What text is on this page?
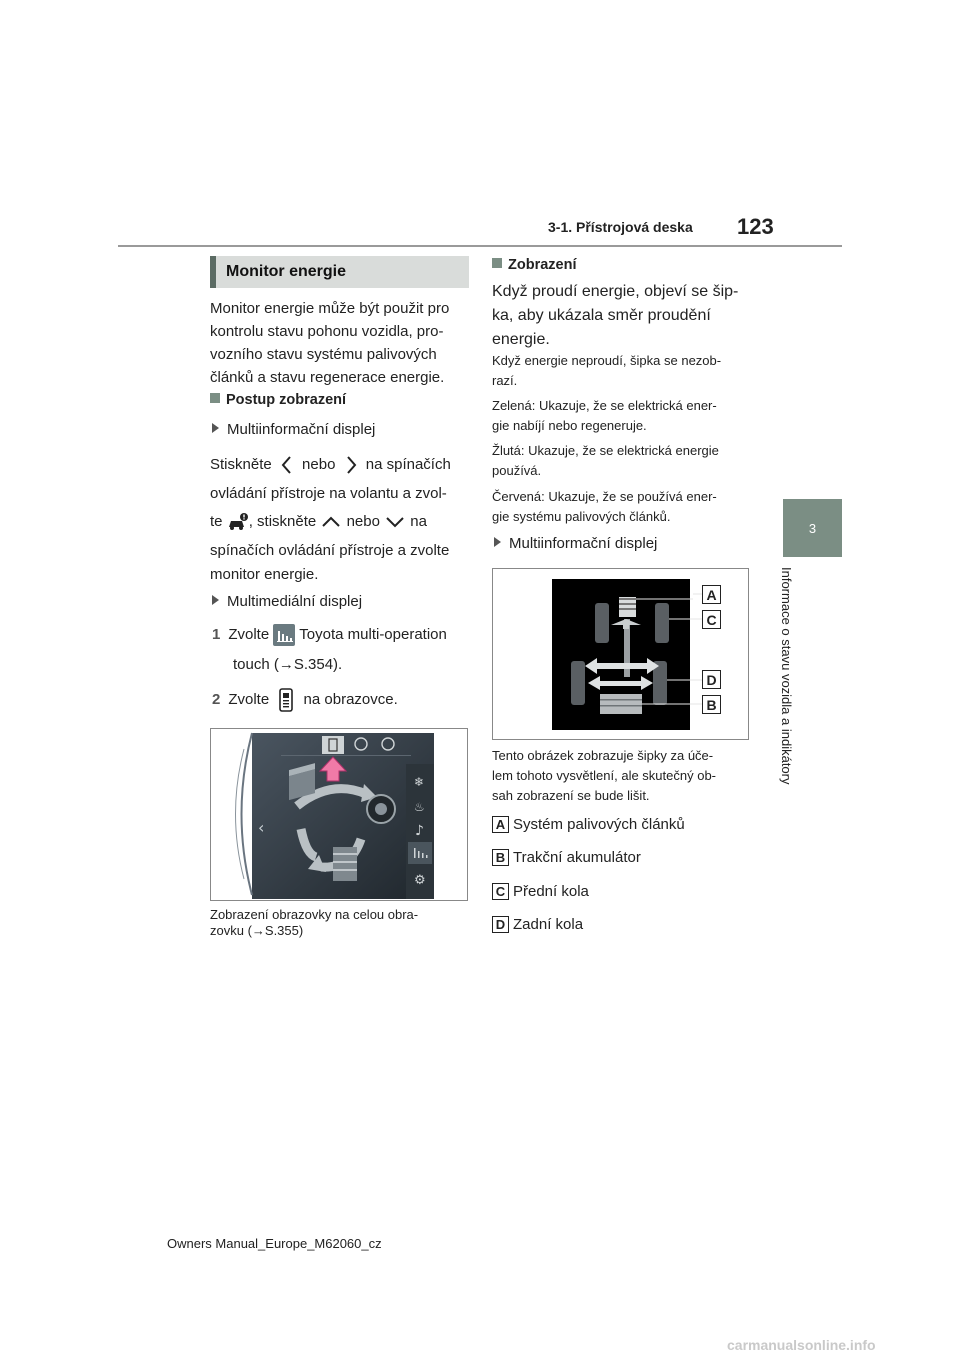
3-1. Přístrojová deska 123
3
Informace o stavu vozidla a indikátory
Monitor energie
Monitor energie může být použit pro
kontrolu stavu pohonu vozidla, pro-
vozního stavu systému palivových
článků a stavu regenerace energie.
Postup zobrazení
Multiinformační displej
Stiskněte nebo na spínačích
ovládání přístroje na volantu a zvol-
te , stiskněte nebo na
spínačích ovládání přístroje a zvolte
monitor energie.
Multimediální displej
1 Zvolte Toyota multi-operation
touch (→S.354).
2 Zvolte na obrazovce.
‹
❄
♨
♪
⚙
Zobrazení obrazovky na celou obra-
zovku (→S.355)
Zobrazení
Když proudí energie, objeví se šip-
ka, aby ukázala směr proudění
energie.
Když energie neproudí, šipka se nezob-
razí.
Zelená: Ukazuje, že se elektrická ener-
gie nabíjí nebo regeneruje.
Žlutá: Ukazuje, že se elektrická energie
používá.
Červená: Ukazuje, že se používá ener-
gie systému palivových článků.
Multiinformační displej
A
C
D
B
Tento obrázek zobrazuje šipky za úče-
lem tohoto vysvětlení, ale skutečný ob-
sah zobrazení se bude lišit.
A Systém palivových článků
B Trakční akumulátor
C Přední kola
D Zadní kola
Owners Manual_Europe_M62060_cz
carmanualsonline.info
